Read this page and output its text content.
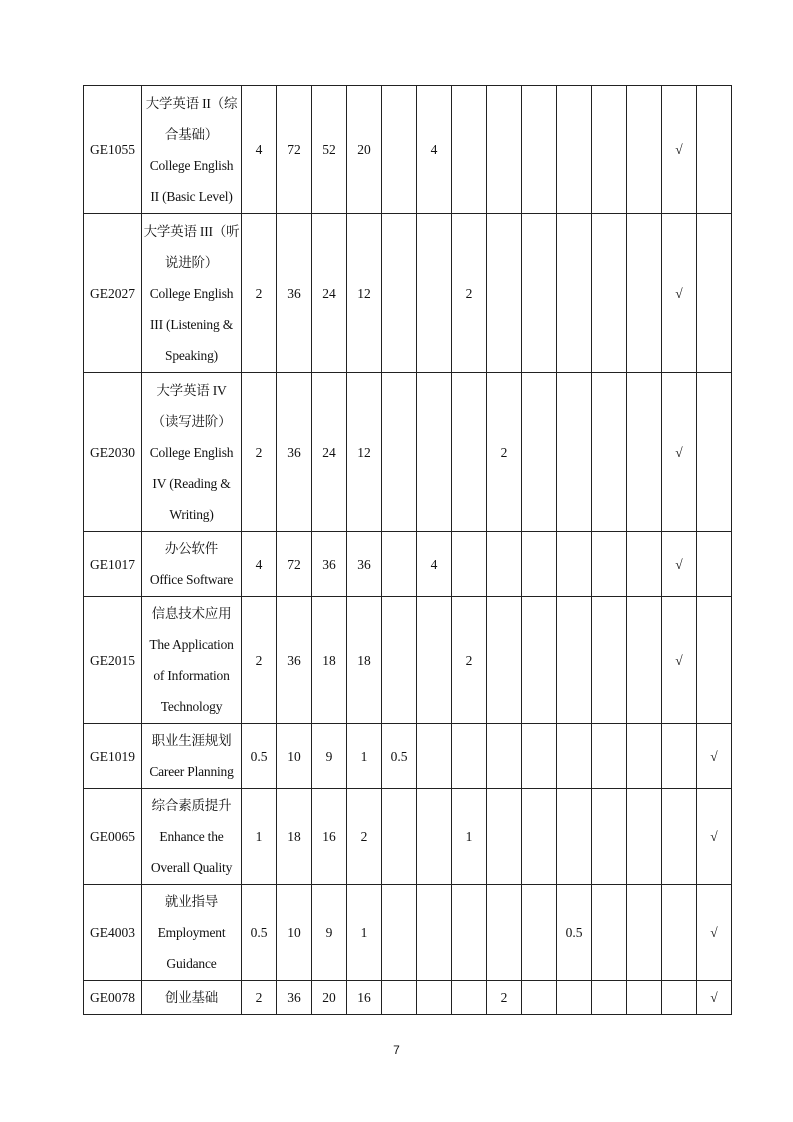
GE1055	大学英语 II（综
合基础）
College English
II (Basic Level)	4	72	52	20		4							√	
GE2027	大学英语 III（听
说进阶）
College English
III (Listening &
Speaking)	2	36	24	12			2						√	
GE2030	大学英语 IV
（读写进阶）
College English
IV (Reading &
Writing)	2	36	24	12				2					√	
GE1017	办公软件
Office Software	4	72	36	36		4							√	
GE2015	信息技术应用
The Application
of Information
Technology	2	36	18	18			2						√	
GE1019	职业生涯规划
Career Planning	0.5	10	9	1	0.5									√
GE0065	综合素质提升
Enhance the
Overall Quality	1	18	16	2			1							√
GE4003	就业指导
Employment
Guidance	0.5	10	9	1						0.5				√
GE0078	创业基础	2	36	20	16				2						√
7
